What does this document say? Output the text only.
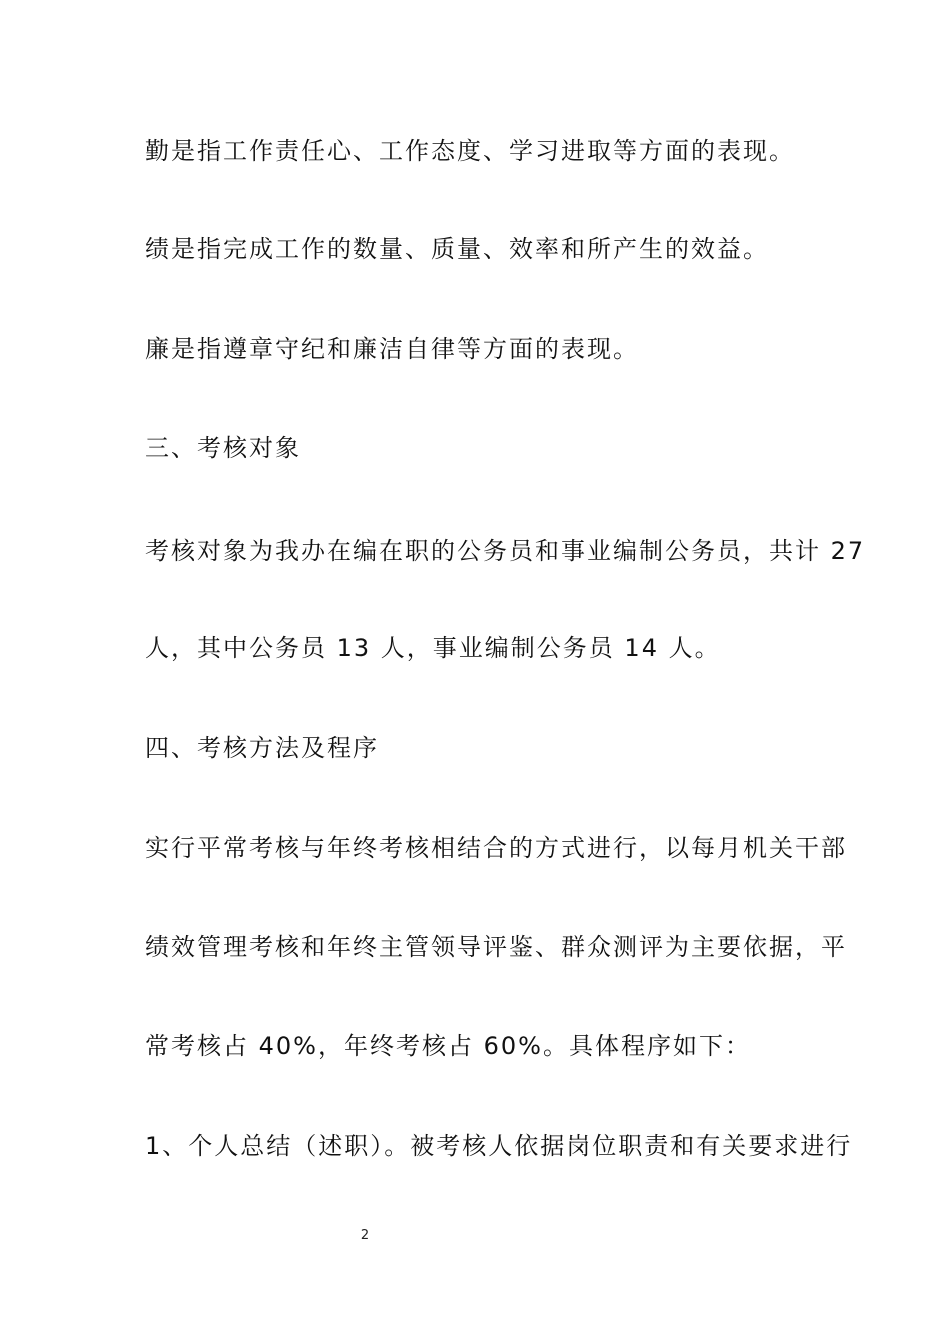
勤是指工作责任心、工作态度、学习进取等方面的表现。
绩是指完成工作的数量、质量、效率和所产生的效益。
廉是指遵章守纪和廉洁自律等方面的表现。
三、考核对象
考核对象为我办在编在职的公务员和事业编制公务员，共计 27
人，其中公务员 13 人，事业编制公务员 14 人。
四、考核方法及程序
实行平常考核与年终考核相结合的方式进行，以每月机关干部
绩效管理考核和年终主管领导评鉴、群众测评为主要依据，平
常考核占 40%，年终考核占 60%。具体程序如下：
1、个人总结（述职）。被考核人依据岗位职责和有关要求进行
2
